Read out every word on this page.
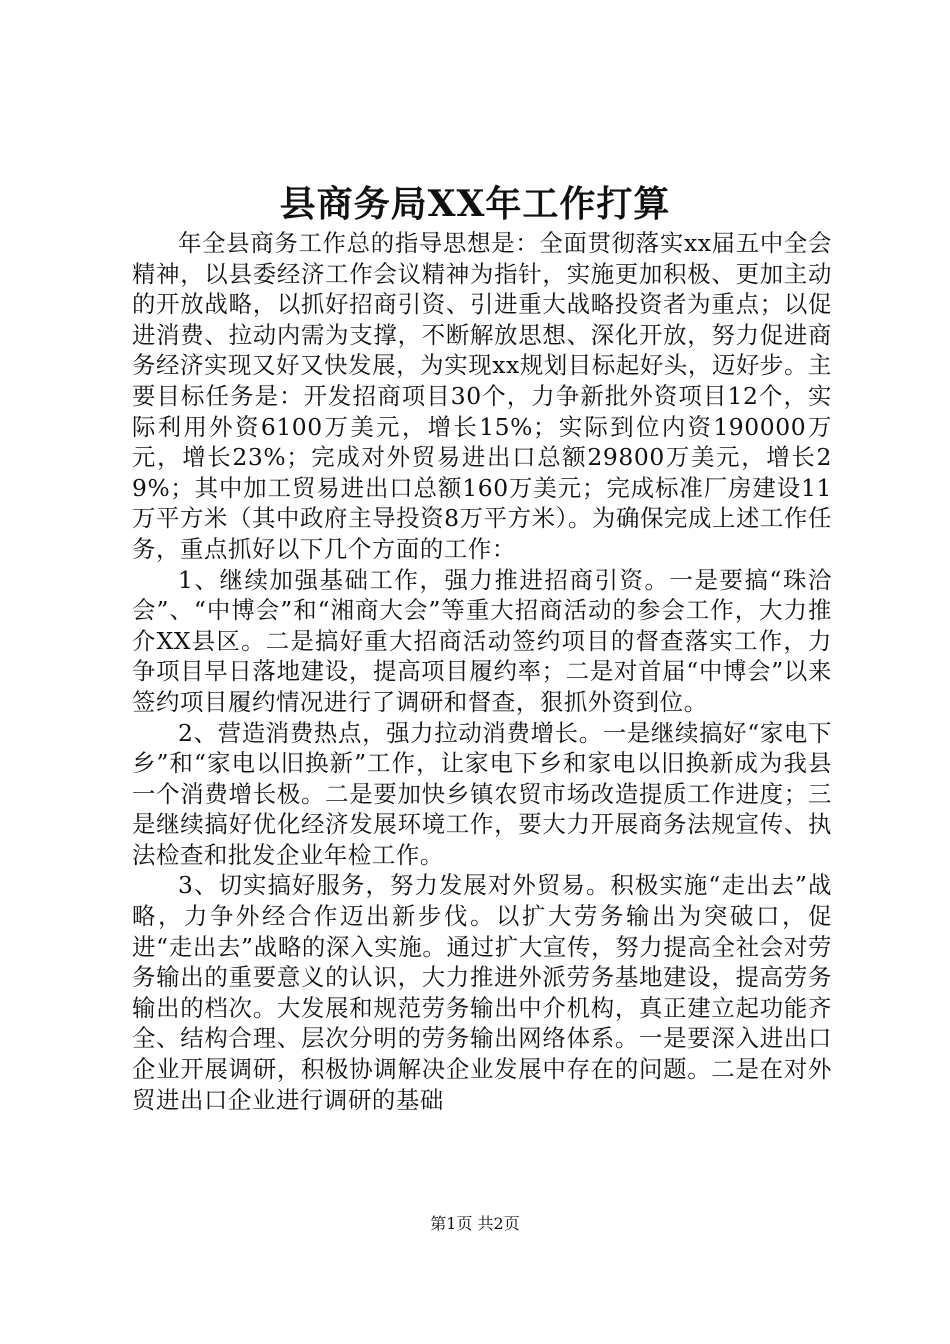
县商务局XX年工作打算

年全县商务工作总的指导思想是：全面贯彻落实xx届五中全会精神，以县委经济工作会议精神为指针，实施更加积极、更加主动的开放战略，以抓好招商引资、引进重大战略投资者为重点；以促进消费、拉动内需为支撑，不断解放思想、深化开放，努力促进商务经济实现又好又快发展，为实现xx规划目标起好头，迈好步。主要目标任务是：开发招商项目30个，力争新批外资项目12个，实际利用外资6100万美元，增长15%；实际到位内资190000万元，增长23%；完成对外贸易进出口总额29800万美元，增长29%；其中加工贸易进出口总额160万美元；完成标准厂房建设11万平方米（其中政府主导投资8万平方米）。为确保完成上述工作任务，重点抓好以下几个方面的工作：

1、继续加强基础工作，强力推进招商引资。一是要搞“珠洽会”、“中博会”和“湘商大会”等重大招商活动的参会工作，大力推介XX县区。二是搞好重大招商活动签约项目的督查落实工作，力争项目早日落地建设，提高项目履约率；二是对首届“中博会”以来签约项目履约情况进行了调研和督查，狠抓外资到位。

2、营造消费热点，强力拉动消费增长。一是继续搞好“家电下乡”和“家电以旧换新”工作，让家电下乡和家电以旧换新成为我县一个消费增长极。二是要加快乡镇农贸市场改造提质工作进度；三是继续搞好优化经济发展环境工作，要大力开展商务法规宣传、执法检查和批发企业年检工作。

3、切实搞好服务，努力发展对外贸易。积极实施“走出去”战略，力争外经合作迈出新步伐。以扩大劳务输出为突破口，促进“走出去”战略的深入实施。通过扩大宣传，努力提高全社会对劳务输出的重要意义的认识，大力推进外派劳务基地建设，提高劳务输出的档次。大发展和规范劳务输出中介机构，真正建立起功能齐全、结构合理、层次分明的劳务输出网络体系。一是要深入进出口企业开展调研，积极协调解决企业发展中存在的问题。二是在对外贸进出口企业进行调研的基础

第1页 共2页
